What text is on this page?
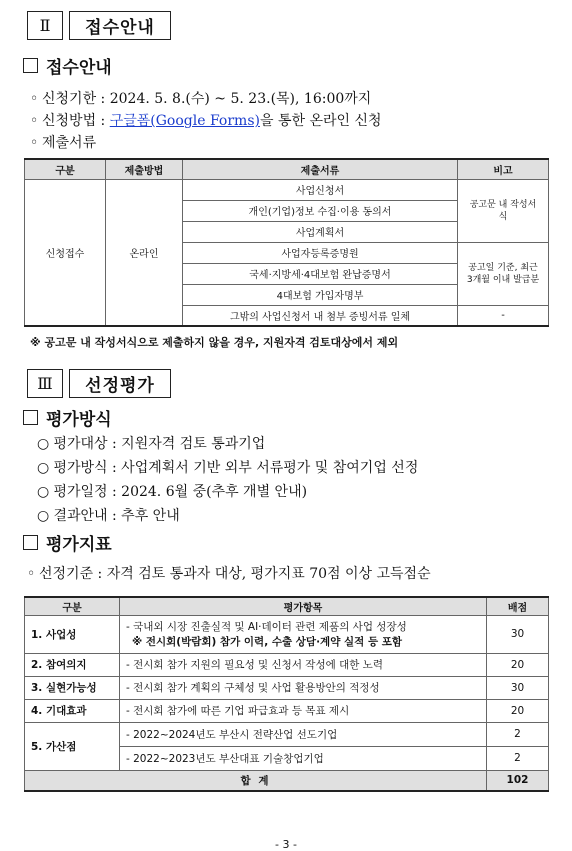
Ⅱ	접수안내
접수안내
◦ 신청기한 : 2024. 5. 8.(수) ~ 5. 23.(목), 16:00까지
◦ 신청방법 : 구글폼(Google Forms)을 통한 온라인 신청
◦ 제출서류
구분	제출방법	제출서류	비고
신청접수	온라인	사업신청서	공고문 내 작성서식

		개인(기업)정보 수집·이용 동의서	
		사업계획서	
		사업자등록증명원	공고일 기준, 최근 3개월 이내 발급분

		국세·지방세·4대보험 완납증명서	
		4대보험 가입자명부	
		그밖의 사업신청서 내 첨부 증빙서류 일체	-
※ 공고문 내 작성서식으로 제출하지 않을 경우, 지원자격 검토대상에서 제외
Ⅲ	선정평가
평가방식
○ 평가대상 : 지원자격 검토 통과기업
○ 평가방식 : 사업계획서 기반 외부 서류평가 및 참여기업 선정
○ 평가일정 : 2024. 6월 중(추후 개별 안내)
○ 결과안내 : 추후 안내
평가지표
◦ 선정기준 : 자격 검토 통과자 대상, 평가지표 70점 이상 고득점순
구분	평가항목	배점
1. 사업성	- 국내외 시장 진출실적 및 AI·데이터 관련 제품의 사업 성장성
※ 전시회(박람회) 참가 이력, 수출 상담·계약 실적 등 포함	30
2. 참여의지	- 전시회 참가 지원의 필요성 및 신청서 작성에 대한 노력	20
3. 실현가능성	- 전시회 참가 계획의 구체성 및 사업 활용방안의 적정성	30
4. 기대효과	- 전시회 참가에 따른 기업 파급효과 등 목표 제시	20
5. 가산점	- 2022~2024년도 부산시 전략산업 선도기업	2
	- 2022~2023년도 부산대표 기술창업기업	2
합 계		102
- 3 -
